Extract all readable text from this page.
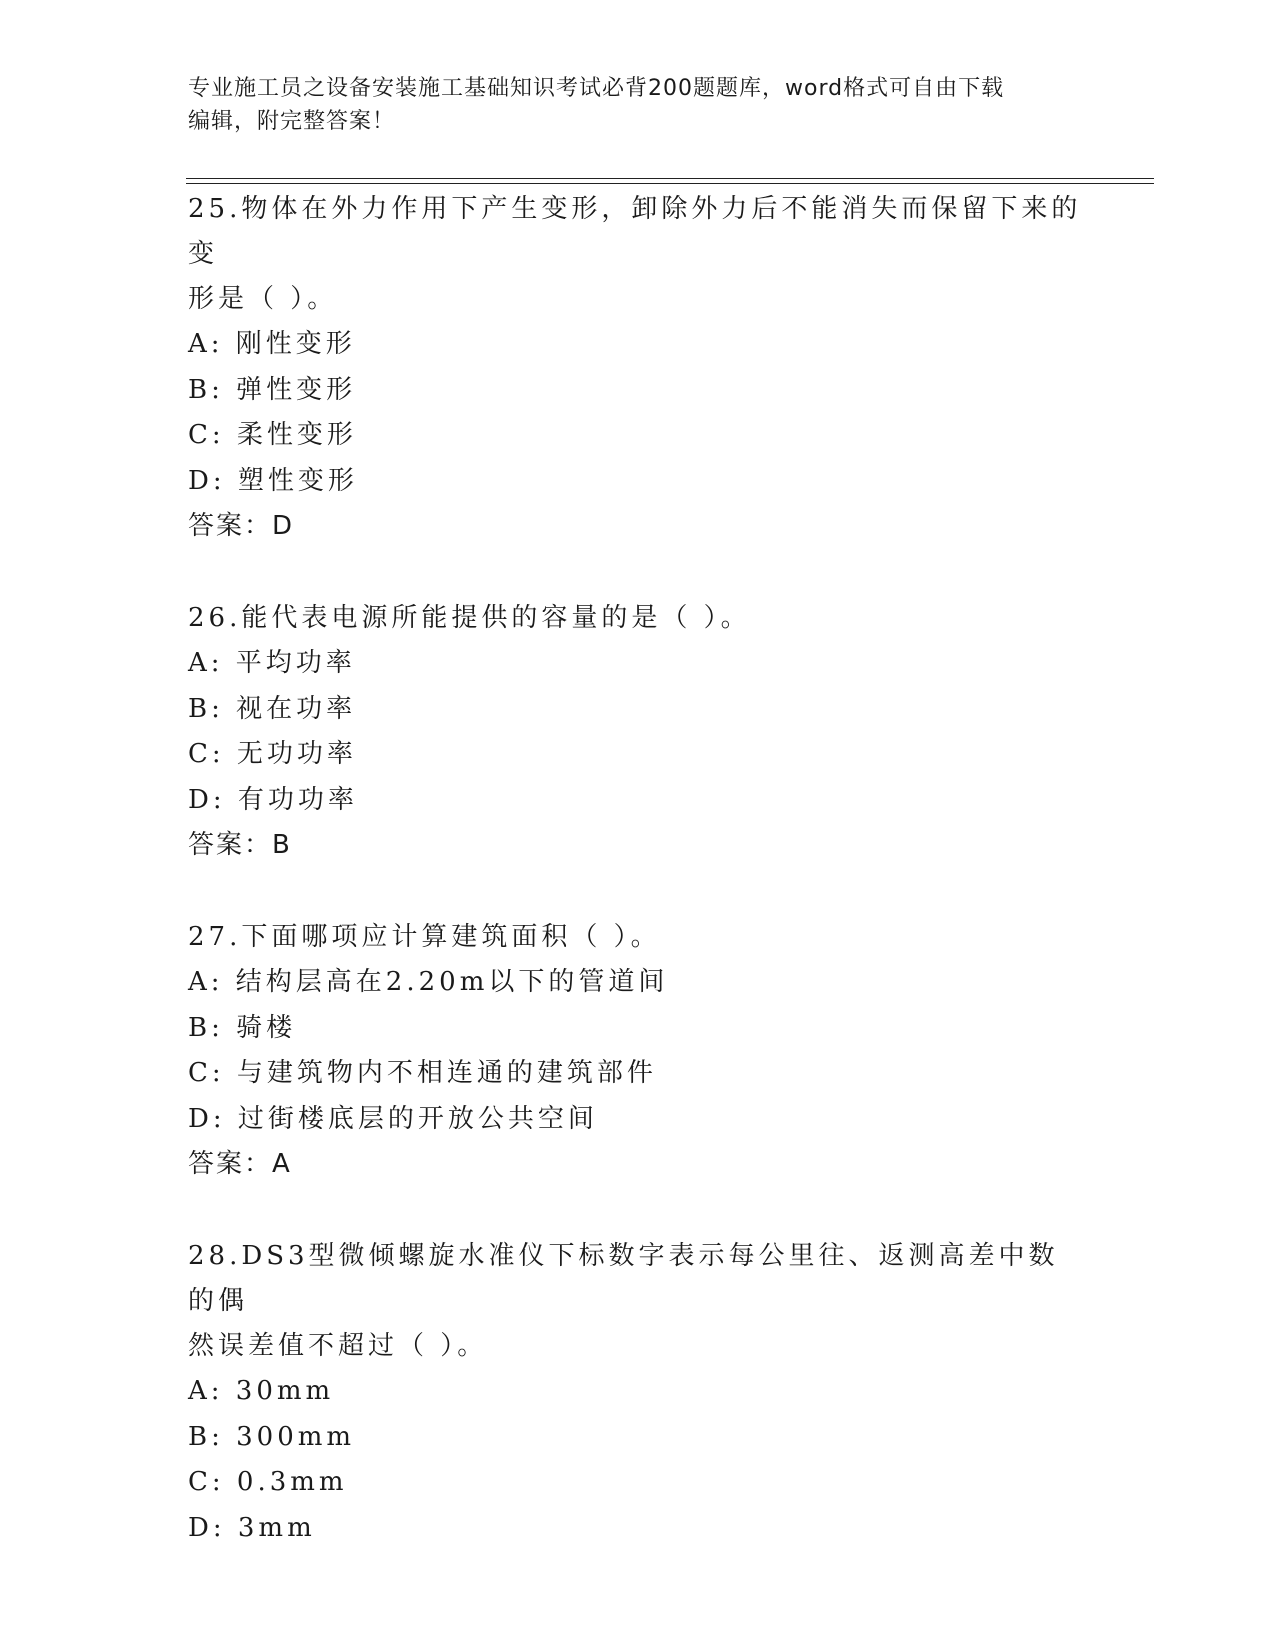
专业施工员之设备安装施工基础知识考试必背200题题库，word格式可自由下载
编辑，附完整答案！

25.物体在外力作用下产生变形，卸除外力后不能消失而保留下来的变

形是（ ）。

A: 刚性变形

B: 弹性变形

C: 柔性变形

D: 塑性变形

答案：D

26.能代表电源所能提供的容量的是（ ）。

A: 平均功率

B: 视在功率

C: 无功功率

D: 有功功率

答案：B

27.下面哪项应计算建筑面积（ ）。

A: 结构层高在2.20m以下的管道间

B: 骑楼

C: 与建筑物内不相连通的建筑部件

D: 过街楼底层的开放公共空间

答案：A

28.DS3型微倾螺旋水准仪下标数字表示每公里往、返测高差中数的偶

然误差值不超过（ ）。

A: 30mm

B: 300mm

C: 0.3mm

D: 3mm
